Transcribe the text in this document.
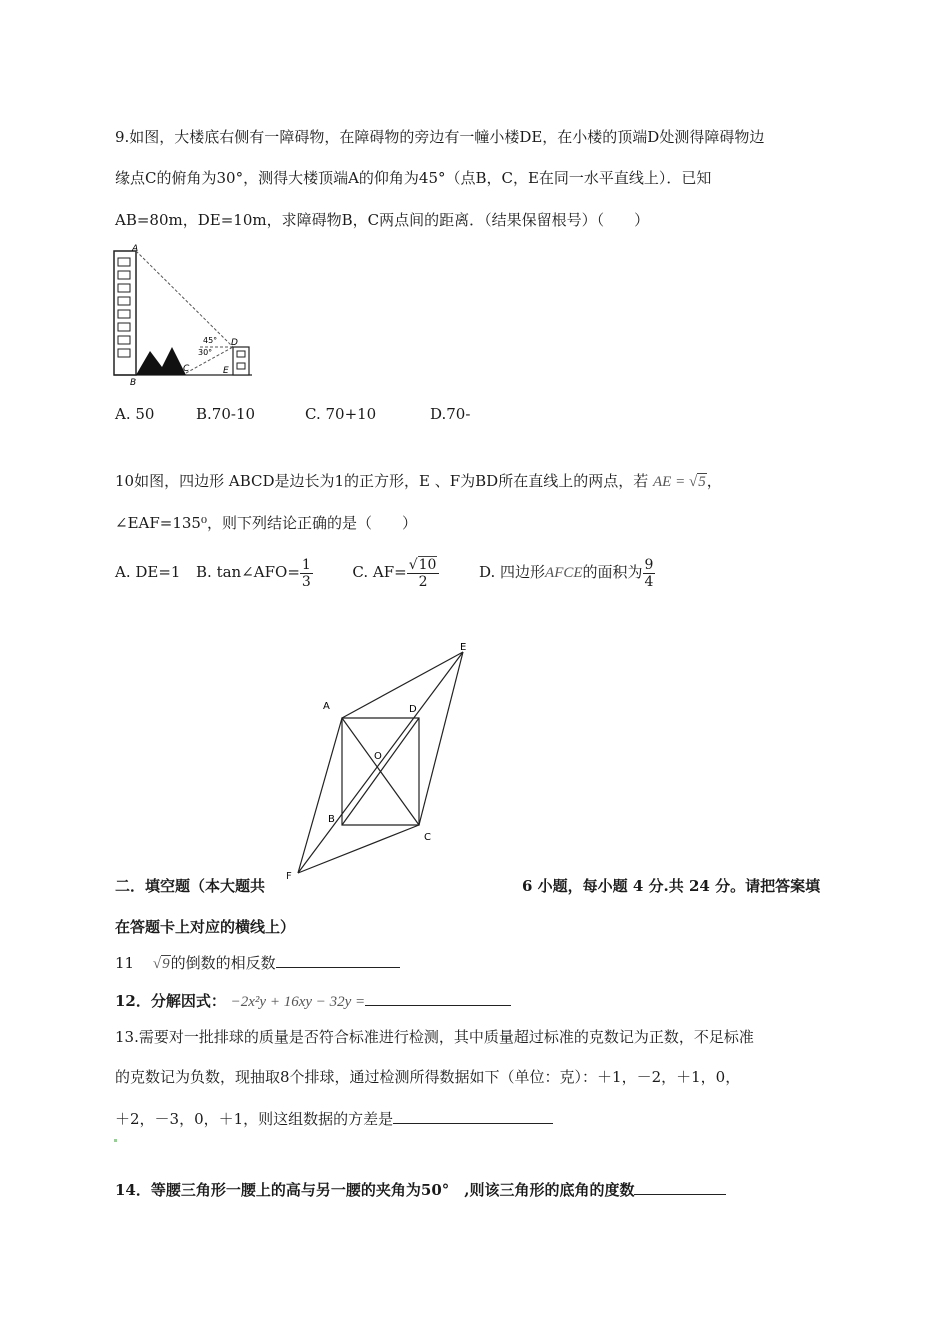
9.如图，大楼底右侧有一障碍物，在障碍物的旁边有一幢小楼DE，在小楼的顶端D处测得障碍物边
缘点C的俯角为30°，测得大楼顶端A的仰角为45°（点B，C，E在同一水平直线上）．已知
AB=80m，DE=10m，求障碍物B，C两点间的距离．（结果保留根号）（　　）
A
B
C
D
E
45°
30°
A. 50	B.70-10	C. 70+10	D.70-
10如图，四边形 ABCD是边长为1的正方形，E 、F为BD所在直线上的两点，若 AE = √5，
∠EAF=135⁰，则下列结论正确的是（　　）
A. DE=1 B. tan∠AFO= $\frac{1}{3}$	C. $AF= \frac{√10}{2}$	D. 四边形AFCE的面积为 $\frac{9}{4}$
A	D
E
O
B
C
F
二．填空题（本大题共	6 小题，每小题 4 分.共 24 分。请把答案填
在答题卡上对应的横线上）
11 √9的倒数的相反数
12．分解因式： −2x²y + 16xy − 32y =
13.需要对一批排球的质量是否符合标准进行检测，其中质量超过标准的克数记为正数，不足标准
的克数记为负数，现抽取8个排球，通过检测所得数据如下（单位：克）：＋1，－2，＋1，0，
＋2，－3，0，＋1，则这组数据的方差是
14．等腰三角形一腰上的高与另一腰的夹角为50°　,则该三角形的底角的度数
